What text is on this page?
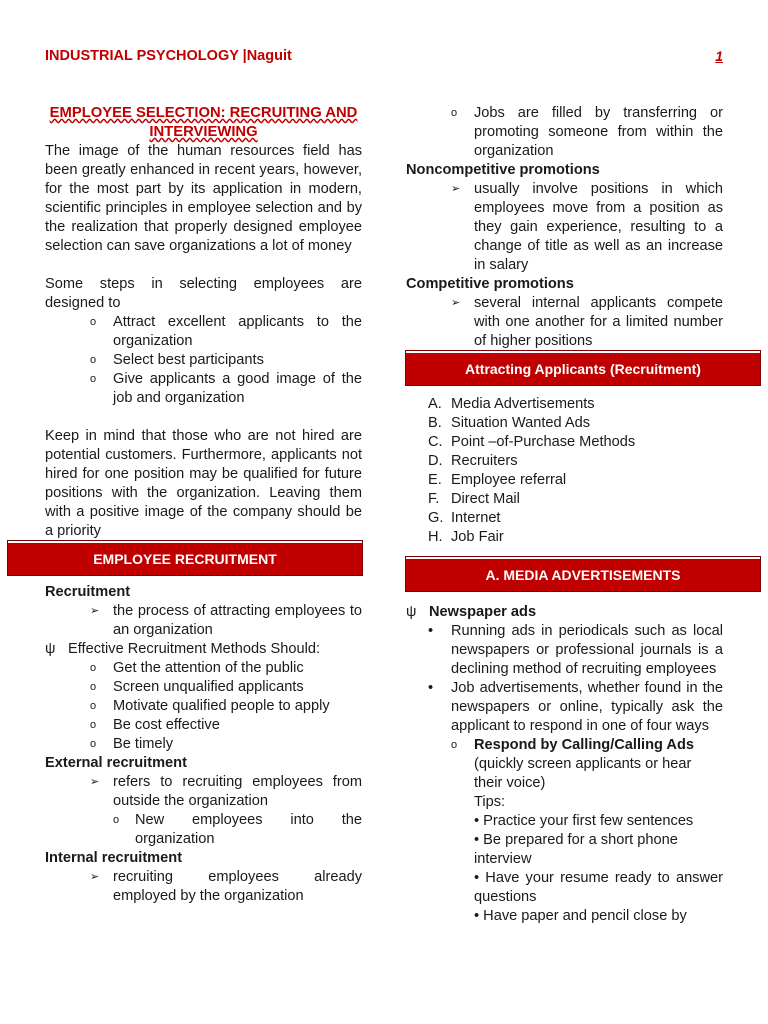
INDUSTRIAL PSYCHOLOGY |Naguit	1
EMPLOYEE SELECTION: RECRUITING AND
INTERVIEWING

The image of the human resources field has been greatly enhanced in recent years, however, for the most part by its application in modern, scientific principles in employee selection and by the realization that properly designed employee selection can save organizations a lot of money

Some steps in selecting employees are designed to

o	Attract excellent applicants to the organization
o	Select best participants
o	Give applicants a good image of the job and organization

Keep in mind that those who are not hired are potential customers. Furthermore, applicants not hired for one position may be qualified for future positions with the organization. Leaving them with a positive image of the company should be a priority

EMPLOYEE RECRUITMENT
Recruitment
➢ the process of attracting employees to an organization
ψ Effective Recruitment Methods Should:
o	Get the attention of the public
o	Screen unqualified applicants
o	Motivate qualified people to apply
o	Be cost effective
o	Be timely
External recruitment
➢ refers to recruiting employees from outside the organization
o	New employees into the organization
Internal recruitment
➢ recruiting employees already employed by the organization
o	Jobs are filled by transferring or promoting someone from within the organization
Noncompetitive promotions
➢ usually involve positions in which employees move from a position as they gain experience, resulting to a change of title as well as an increase in salary
Competitive promotions
➢ several internal applicants compete with one another for a limited number of higher positions
Attracting Applicants (Recruitment)
A. Media Advertisements
B. Situation Wanted Ads
C. Point –of-Purchase Methods
D. Recruiters
E. Employee referral
F. Direct Mail
G. Internet
H. Job Fair
A. MEDIA ADVERTISEMENTS
ψ Newspaper ads
•	Running ads in periodicals such as local newspapers or professional journals is a declining method of recruiting employees
•	Job advertisements, whether found in the newspapers or online, typically ask the applicant to respond in one of four ways
o	Respond by Calling/Calling Ads
(quickly screen applicants or hear their voice)
Tips:
• Practice your first few sentences
• Be prepared for a short phone interview
• Have your resume ready to answer questions
• Have paper and pencil close by
